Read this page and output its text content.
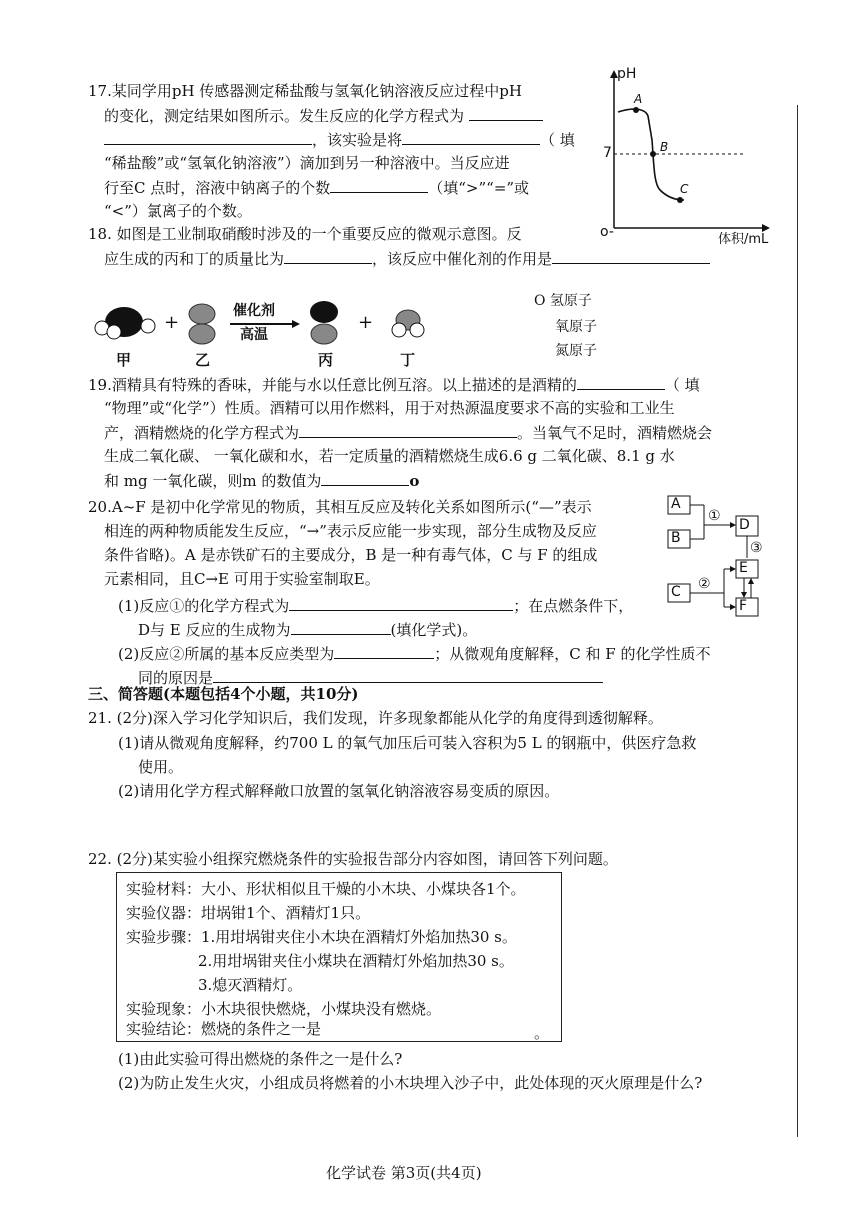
17.某同学用pH 传感器测定稀盐酸与氢氧化钠溶液反应过程中pH
的变化，测定结果如图所示。发生反应的化学方程式为
，该实验是将	（ 填
“稀盐酸”或“氢氧化钠溶液”）滴加到另一种溶液中。当反应进
行至C 点时，溶液中钠离子的个数	（填“>”“=”或
“<”）氯离子的个数。
pH
体积/mL
o-
7
A
B
C
18. 如图是工业制取硝酸时涉及的一个重要反应的微观示意图。反
应生成的丙和丁的质量比为	，该反应中催化剂的作用是
+	+
催化剂
高温
甲	乙	丙	丁
O 氢原子
氧原子
氮原子
19.酒精具有特殊的香味，并能与水以任意比例互溶。以上描述的是酒精的	（ 填
“物理”或“化学”）性质。酒精可以用作燃料，用于对热源温度要求不高的实验和工业生
产，酒精燃烧的化学方程式为	。当氧气不足时，酒精燃烧会
生成二氧化碳、 一氧化碳和水，若一定质量的酒精燃烧生成6.6 g 二氧化碳、8.1 g 水
和 mg 一氧化碳，则m 的数值为	o
20.A~F 是初中化学常见的物质，其相互反应及转化关系如图所示(“—”表示
相连的两种物质能发生反应，“→”表示反应能一步实现，部分生成物及反应
条件省略)。A 是赤铁矿石的主要成分，B 是一种有毒气体，C 与 F 的组成
元素相同，且C→E 可用于实验室制取E。
(1)反应①的化学方程式为	；在点燃条件下，
D与 E 反应的生成物为	(填化学式)。
(2)反应②所属的基本反应类型为	；从微观角度解释，C 和 F 的化学性质不
同的原因是
A
B
D
C
E
F
①
②
③
三、简答题(本题包括4个小题，共10分)
21. (2分)深入学习化学知识后，我们发现，许多现象都能从化学的角度得到透彻解释。
(1)请从微观角度解释，约700 L 的氧气加压后可装入容积为5 L 的钢瓶中，供医疗急救
使用。
(2)请用化学方程式解释敞口放置的氢氧化钠溶液容易变质的原因。
22. (2分)某实验小组探究燃烧条件的实验报告部分内容如图，请回答下列问题。
实验材料：大小、形状相似且干燥的小木块、小煤块各1个。
实验仪器：坩埚钳1个、酒精灯1只。
实验步骤：1.用坩埚钳夹住小木块在酒精灯外焰加热30 s。
2.用坩埚钳夹住小煤块在酒精灯外焰加热30 s。
3.熄灭酒精灯。
实验现象：小木块很快燃烧，小煤块没有燃烧。
实验结论：燃烧的条件之一是	。
(1)由此实验可得出燃烧的条件之一是什么?
(2)为防止发生火灾，小组成员将燃着的小木块埋入沙子中，此处体现的灭火原理是什么?
化学试卷 第3页(共4页)
